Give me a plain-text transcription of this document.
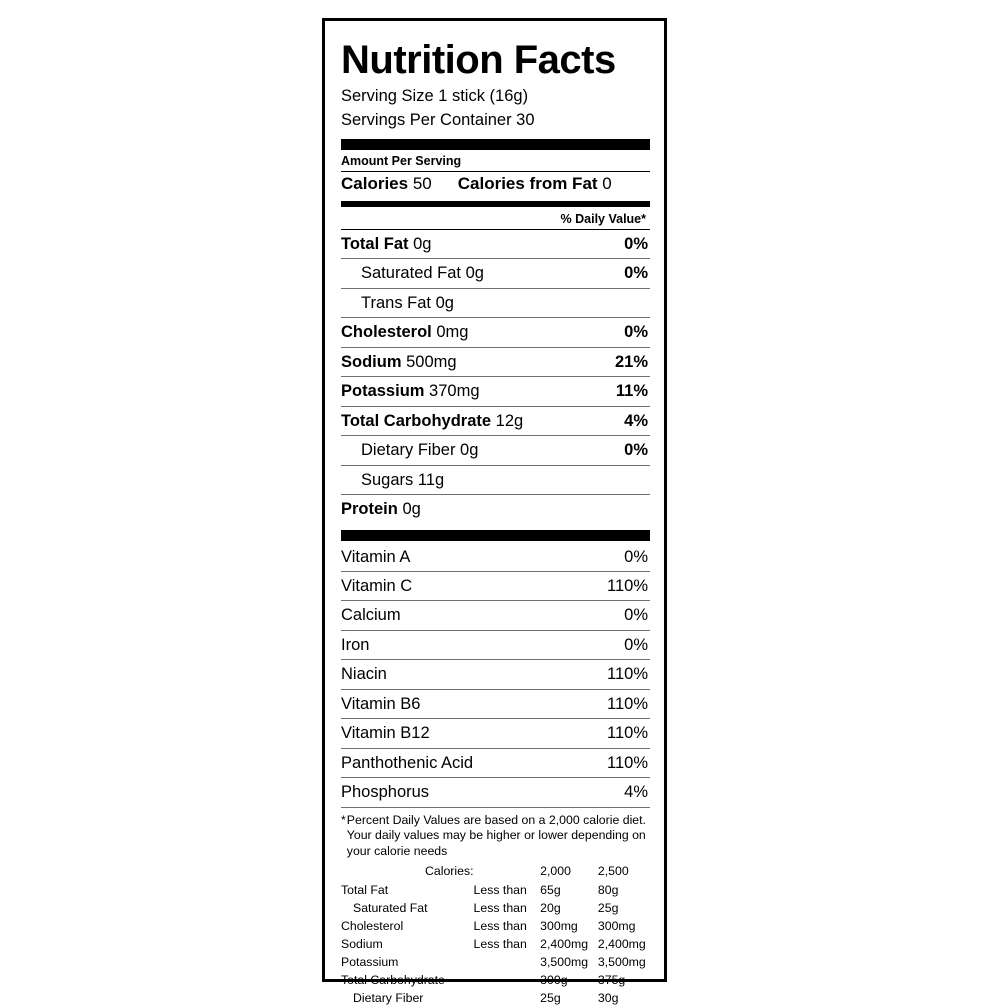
Nutrition Facts
Serving Size 1 stick (16g)
Servings Per Container 30
Amount Per Serving
Calories 50 Calories from Fat 0
% Daily Value*
Total Fat 0g	0%
Saturated Fat 0g	0%
Trans Fat 0g
Cholesterol 0mg	0%
Sodium 500mg	21%
Potassium 370mg	11%
Total Carbohydrate 12g	4%
Dietary Fiber 0g	0%
Sugars 11g
Protein 0g
Vitamin A	0%
Vitamin C	110%
Calcium	0%
Iron	0%
Niacin	110%
Vitamin B6	110%
Vitamin B12	110%
Panthothenic Acid	110%
Phosphorus	4%
* Percent Daily Values are based on a 2,000 calorie diet. Your daily values may be higher or lower depending on your calorie needs
Calories:		2,000	2,500
Total Fat	Less than	65g	80g
Saturated Fat	Less than	20g	25g
Cholesterol	Less than	300mg	300mg
Sodium	Less than	2,400mg	2,400mg
Potassium		3,500mg	3,500mg
Total Carbohydrate		300g	375g
Dietary Fiber		25g	30g
